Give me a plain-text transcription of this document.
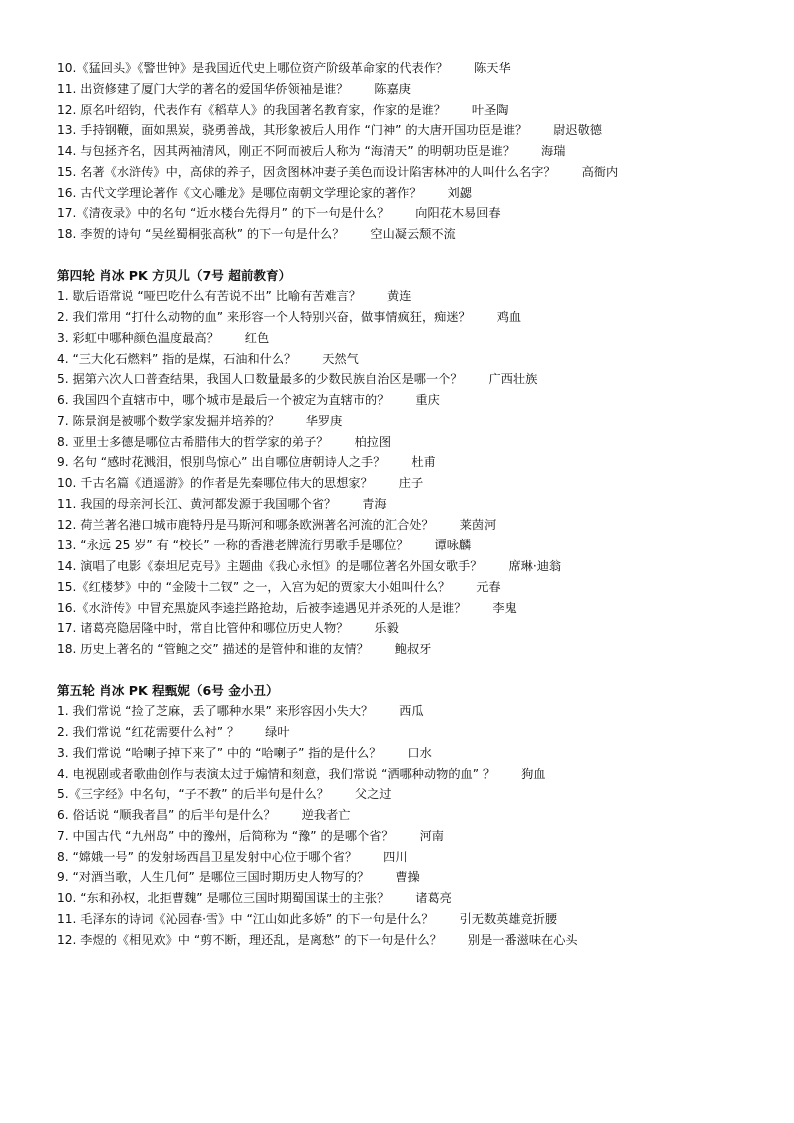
10.《猛回头》《警世钟》是我国近代史上哪位资产阶级革命家的代表作？ 陈天华
11. 出资修建了厦门大学的著名的爱国华侨领袖是谁？ 陈嘉庚
12. 原名叶绍钧，代表作有《稻草人》的我国著名教育家，作家的是谁？ 叶圣陶
13. 手持钢鞭，面如黑炭，骁勇善战，其形象被后人用作 “门神” 的大唐开国功臣是谁？ 尉迟敬德
14. 与包拯齐名，因其两袖清风，刚正不阿而被后人称为 “海清天” 的明朝功臣是谁？ 海瑞
15. 名著《水浒传》中，高俅的养子，因贪图林冲妻子美色而设计陷害林冲的人叫什么名字？ 高衙内
16. 古代文学理论著作《文心雕龙》是哪位南朝文学理论家的著作？ 刘勰
17.《清夜录》中的名句 “近水楼台先得月” 的下一句是什么？ 向阳花木易回春
18. 李贺的诗句 “吴丝蜀桐张高秋” 的下一句是什么？ 空山凝云颓不流
第四轮 肖冰 PK 方贝儿（7号 超前教育）
1. 歇后语常说 “哑巴吃什么有苦说不出” 比喻有苦难言？ 黄连
2. 我们常用 “打什么动物的血” 来形容一个人特别兴奋，做事情疯狂，痴迷？ 鸡血
3. 彩虹中哪种颜色温度最高？ 红色
4. “三大化石燃料” 指的是煤，石油和什么？ 天然气
5. 据第六次人口普查结果，我国人口数量最多的少数民族自治区是哪一个？ 广西壮族
6. 我国四个直辖市中，哪个城市是最后一个被定为直辖市的？ 重庆
7. 陈景润是被哪个数学家发掘并培养的？ 华罗庚
8. 亚里士多德是哪位古希腊伟大的哲学家的弟子？ 柏拉图
9. 名句 “感时花溅泪，恨别鸟惊心” 出自哪位唐朝诗人之手？ 杜甫
10. 千古名篇《逍遥游》的作者是先秦哪位伟大的思想家？ 庄子
11. 我国的母亲河长江、黄河都发源于我国哪个省？ 青海
12. 荷兰著名港口城市鹿特丹是马斯河和哪条欧洲著名河流的汇合处？ 莱茵河
13. “永远 25 岁” 有 “校长” 一称的香港老牌流行男歌手是哪位？ 谭咏麟
14. 演唱了电影《泰坦尼克号》主题曲《我心永恒》的是哪位著名外国女歌手？ 席琳·迪翁
15.《红楼梦》中的 “金陵十二钗” 之一，入宫为妃的贾家大小姐叫什么？ 元春
16.《水浒传》中冒充黑旋风李逵拦路抢劫，后被李逵遇见并杀死的人是谁？ 李鬼
17. 诸葛亮隐居隆中时，常自比管仲和哪位历史人物？ 乐毅
18. 历史上著名的 “管鲍之交” 描述的是管仲和谁的友情？ 鲍叔牙
第五轮 肖冰 PK 程甄妮（6号 金小丑）
1. 我们常说 “捡了芝麻，丢了哪种水果” 来形容因小失大？ 西瓜
2. 我们常说 “红花需要什么衬” ？ 绿叶
3. 我们常说 “哈喇子掉下来了” 中的 “哈喇子” 指的是什么？ 口水
4. 电视剧或者歌曲创作与表演太过于煽情和刻意，我们常说 “洒哪种动物的血” ？ 狗血
5.《三字经》中名句，“子不教” 的后半句是什么？ 父之过
6. 俗话说 “顺我者昌” 的后半句是什么？ 逆我者亡
7. 中国古代 “九州岛” 中的豫州，后简称为 “豫” 的是哪个省？ 河南
8. “嫦娥一号” 的发射场西昌卫星发射中心位于哪个省？ 四川
9. “对酒当歌，人生几何” 是哪位三国时期历史人物写的？ 曹操
10. “东和孙权，北拒曹魏” 是哪位三国时期蜀国谋士的主张？ 诸葛亮
11. 毛泽东的诗词《沁园春·雪》中 “江山如此多娇” 的下一句是什么？ 引无数英雄竞折腰
12. 李煜的《相见欢》中 “剪不断，理还乱，是离愁” 的下一句是什么？ 别是一番滋味在心头
